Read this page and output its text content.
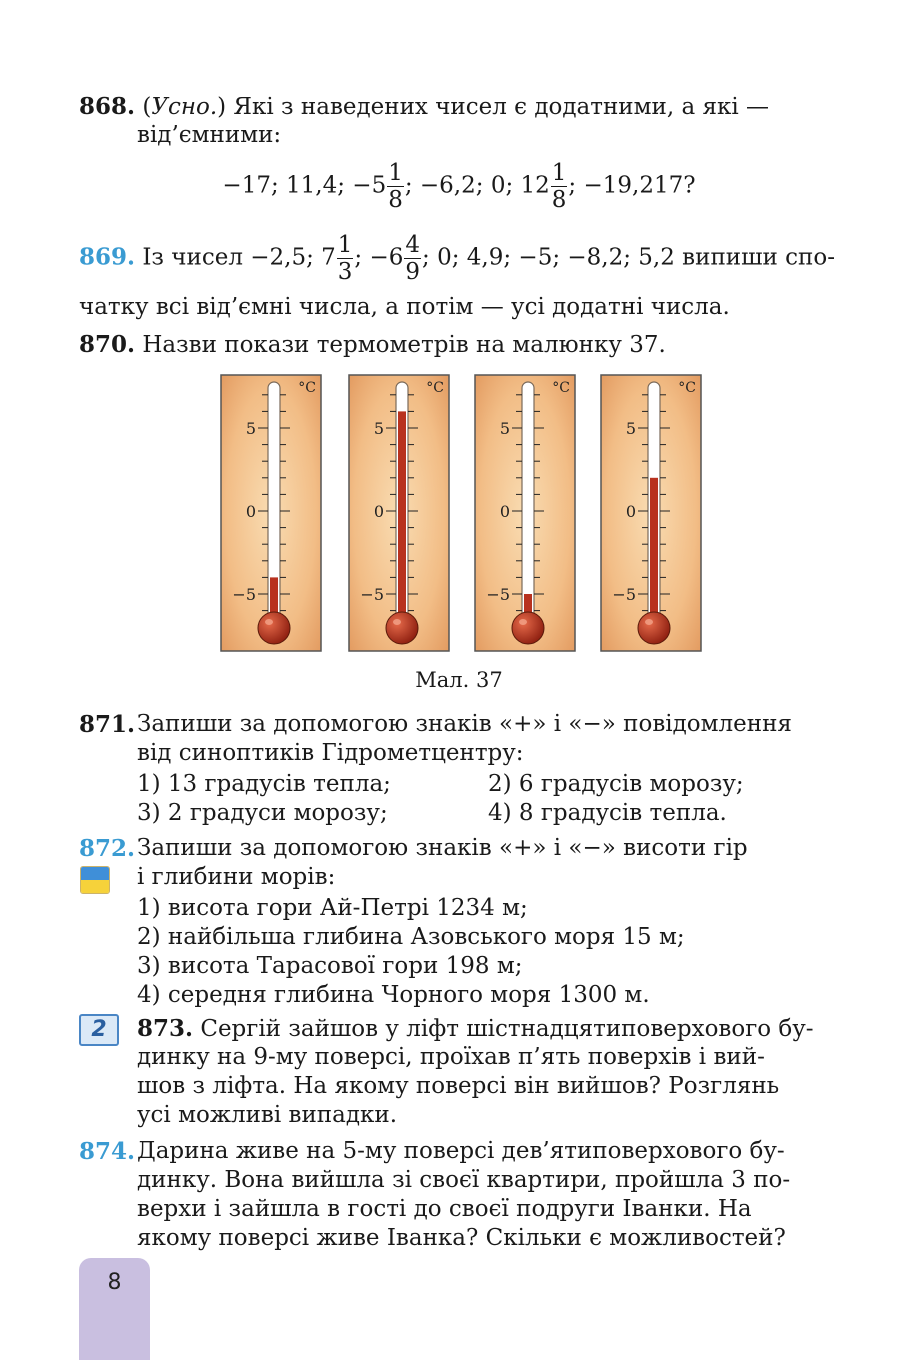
868. (Усно.) Які з наведених чисел є додатними, а які —
від’ємними:
−17; 11,4; $-5 \frac{1}{8}$ ; −6,2; 0; $12 \frac{1}{8}$ ; −19,217?
869. Із чисел −2,5; $7 \frac{1}{3}$ ; $-6 \frac{4}{9}$ ; 0; 4,9; −5; −8,2; 5,2 випиши спо-
чатку всі від’ємні числа, а потім — усі додатні числа.
870. Назви покази термометрів на малюнку 37.
5
0
−5
°C
5
0
−5
°C
5
0
−5
°C
5
0
−5
°C
Мал. 37
871. Запиши за допомогою знаків «+» і «−» повідомлення
від синоптиків Гідрометцентру:
1) 13 градусів тепла;	2) 6 градусів морозу;
3) 2 градуси морозу;	4) 8 градусів тепла.
872. Запиши за допомогою знаків «+» і «−» висоти гір
і глибини морів:
1) висота гори Ай-Петрі 1234 м;
2) найбільша глибина Азовського моря 15 м;
3) висота Тарасової гори 198 м;
4) середня глибина Чорного моря 1300 м.
2	873. Сергій зайшов у ліфт шістнадцятиповерхового бу-
динку на 9-му поверсі, проїхав п’ять поверхів і вий-
шов з ліфта. На якому поверсі він вийшов? Розглянь
усі можливі випадки.
874. Дарина живе на 5-му поверсі дев’ятиповерхового бу-
динку. Вона вийшла зі своєї квартири, пройшла 3 по-
верхи і зайшла в гості до своєї подруги Іванки. На
якому поверсі живе Іванка? Скільки є можливостей?
8
